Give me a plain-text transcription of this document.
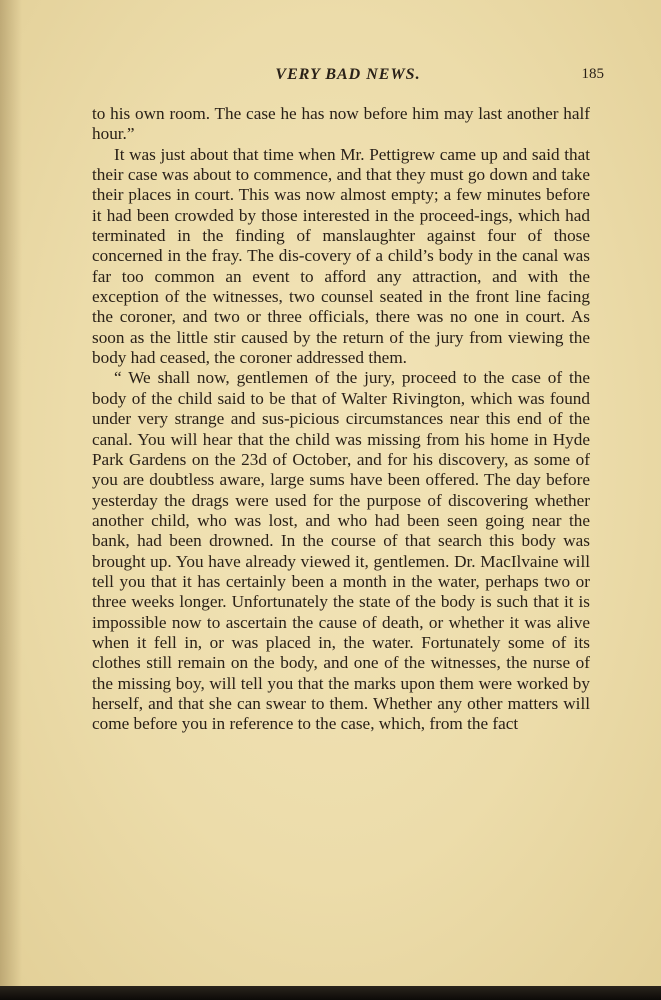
VERY BAD NEWS.	185

to his own room. The case he has now before him may last another half hour.”

It was just about that time when Mr. Pettigrew came up and said that their case was about to commence, and that they must go down and take their places in court. This was now almost empty; a few minutes before it had been crowded by those interested in the proceed-ings, which had terminated in the finding of manslaughter against four of those concerned in the fray. The dis-covery of a child’s body in the canal was far too common an event to afford any attraction, and with the exception of the witnesses, two counsel seated in the front line facing the coroner, and two or three officials, there was no one in court. As soon as the little stir caused by the return of the jury from viewing the body had ceased, the coroner addressed them.

“ We shall now, gentlemen of the jury, proceed to the case of the body of the child said to be that of Walter Rivington, which was found under very strange and sus-picious circumstances near this end of the canal. You will hear that the child was missing from his home in Hyde Park Gardens on the 23d of October, and for his discovery, as some of you are doubtless aware, large sums have been offered. The day before yesterday the drags were used for the purpose of discovering whether another child, who was lost, and who had been seen going near the bank, had been drowned. In the course of that search this body was brought up. You have already viewed it, gentlemen. Dr. MacIlvaine will tell you that it has certainly been a month in the water, perhaps two or three weeks longer. Unfortunately the state of the body is such that it is impossible now to ascertain the cause of death, or whether it was alive when it fell in, or was placed in, the water. Fortunately some of its clothes still remain on the body, and one of the witnesses, the nurse of the missing boy, will tell you that the marks upon them were worked by herself, and that she can swear to them. Whether any other matters will come before you in reference to the case, which, from the fact
